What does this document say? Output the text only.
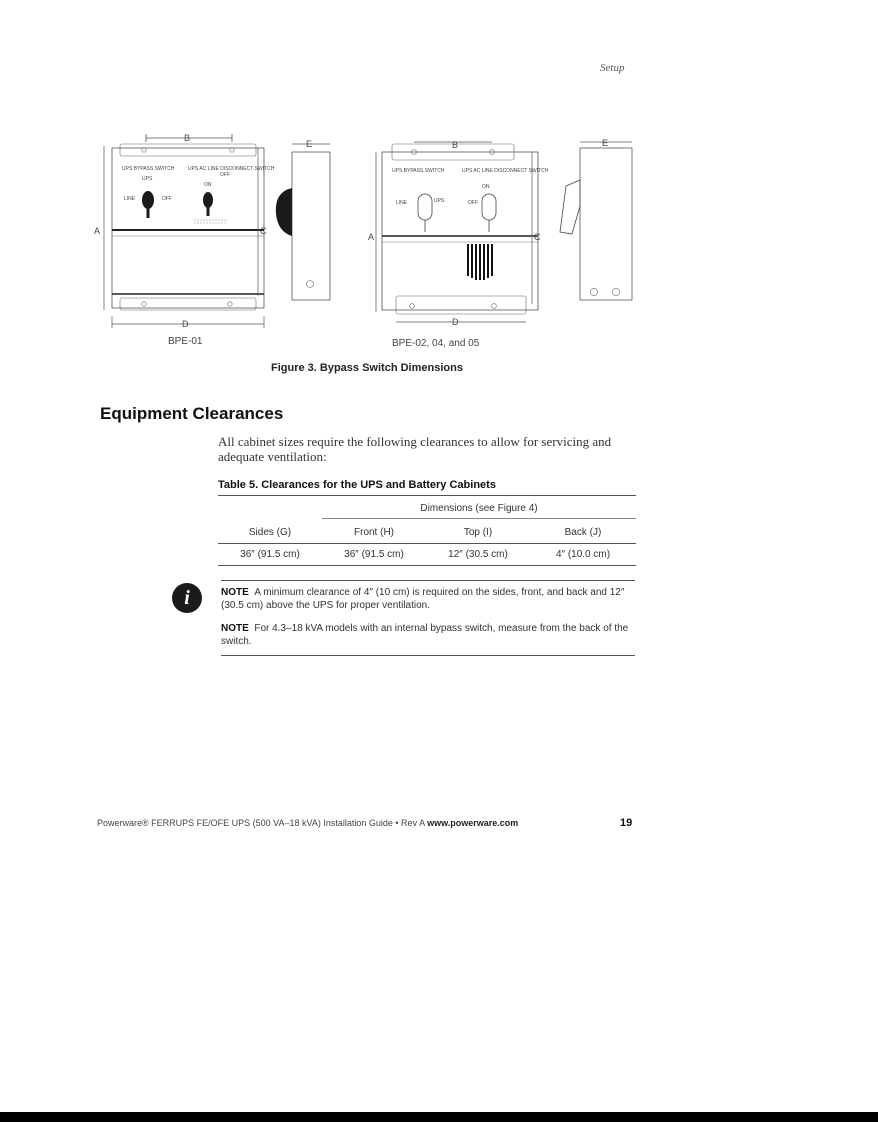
Setup
B
UPS BYPASS SWITCH	UPS AC LINE DISCONNECT SWITCH
UPS
LINE	OFF
ON
OFF
A	C
D
E
BPE-01
B
UPS BYPASS SWITCH	UPS AC LINE DISCONNECT SWITCH
LINE	UPS
ON
OFF
A	C
D
E
BPE-02, 04, and 05
Figure 3. Bypass Switch Dimensions
Equipment Clearances
All cabinet sizes require the following clearances to allow for servicing and adequate ventilation:
Table 5. Clearances for the UPS and Battery Cabinets
Dimensions (see Figure 4)
Sides (G)	Front (H)	Top (I)	Back (J)
36″ (91.5 cm)	36″ (91.5 cm)	12″ (30.5 cm)	4″ (10.0 cm)
i	NOTE A minimum clearance of 4″ (10 cm) is required on the sides, front, and back and 12″ (30.5 cm) above the UPS for proper ventilation.
NOTE For 4.3–18 kVA models with an internal bypass switch, measure from the back of the switch.
Powerware® FERRUPS FE/OFE UPS (500 VA–18 kVA) Installation Guide • Rev A www.powerware.com	19
